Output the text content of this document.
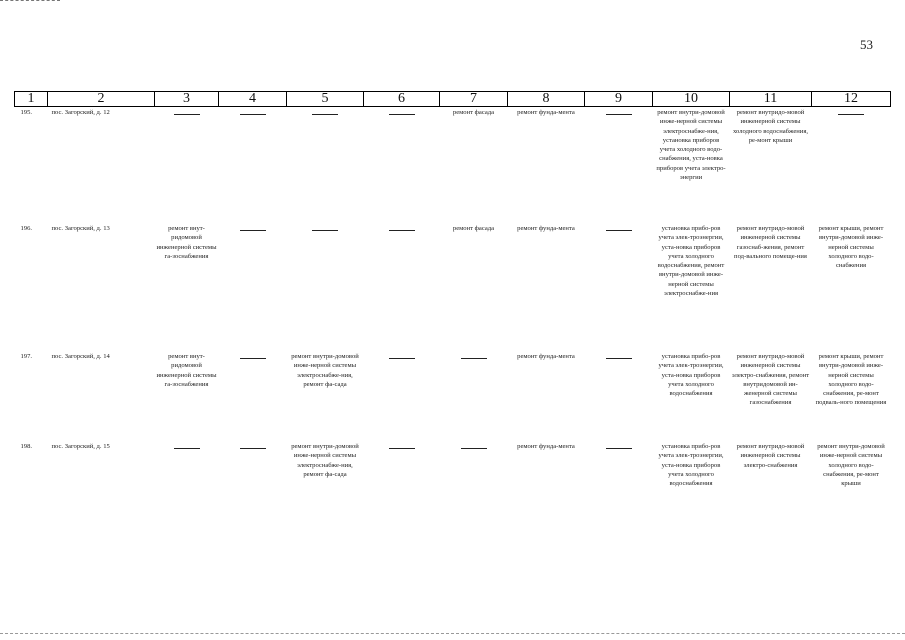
53
1	2	3	4	5	6	7	8	9	10	11	12

195.	пос. Загорский, д. 12					ремонт фасада	ремонт фунда-мента		ремонт внутри-домовой инже-нерной системы электроснабже-ния, установка приборов учета холодного водо-снабжения, уста-новка приборов учета электро-энергии	ремонт внутридо-мовой инженерной системы холодного водоснабжения, ре-монт крыши	

196.	пос. Загорский, д. 13	ремонт внут-ридомовой инженерной системы га-зоснабжения				ремонт фасада	ремонт фунда-мента		установка прибо-ров учета элек-троэнергии, уста-новка приборов учета холодного водоснабжения, ремонт внутри-домовой инже-нерной системы электроснабже-ния	ремонт внутридо-мовой инженерной системы газоснаб-жения, ремонт под-вального помеще-ния	ремонт крыши, ремонт внутри-домовой инже-нерной системы холодного водо-снабжения

197.	пос. Загорский, д. 14	ремонт внут-ридомовой инженерной системы га-зоснабжения		ремонт внутри-домовой инже-нерной системы электроснабже-ния, ремонт фа-сада			ремонт фунда-мента		установка прибо-ров учета элек-троэнергии, уста-новка приборов учета холодного водоснабжения	ремонт внутридо-мовой инженерной системы электро-снабжения, ремонт внутридомовой ин-женерной системы газоснабжения	ремонт крыши, ремонт внутри-домовой инже-нерной системы холодного водо-снабжения, ре-монт подваль-ного помещения

198.	пос. Загорский, д. 15			ремонт внутри-домовой инже-нерной системы электроснабже-ния, ремонт фа-сада			ремонт фунда-мента		установка прибо-ров учета элек-троэнергии, уста-новка приборов учета холодного водоснабжения	ремонт внутридо-мовой инженерной системы электро-снабжения	ремонт внутри-домовой инже-нерной системы холодного водо-снабжения, ре-монт крыши
